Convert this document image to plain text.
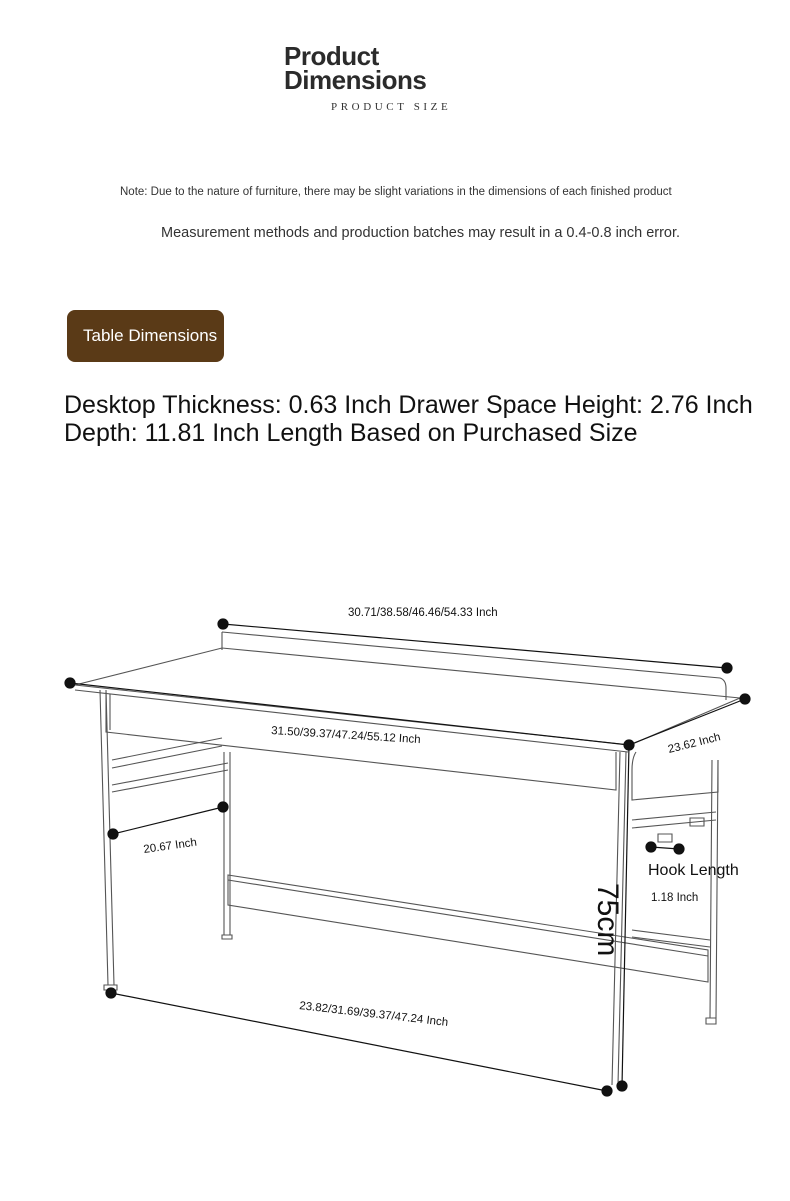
Product
Dimensions
PRODUCT SIZE
Note: Due to the nature of furniture, there may be slight variations in the dimensions of each finished product
Measurement methods and production batches may result in a 0.4-0.8 inch error.
Table Dimensions
Desktop Thickness: 0.63 Inch Drawer Space Height: 2.76 Inch Depth: 11.81 Inch Length Based on Purchased Size
30.71/38.58/46.46/54.33 Inch
31.50/39.37/47.24/55.12 Inch	23.62 Inch
20.67 Inch
23.82/31.69/39.37/47.24 Inch
75cm
Hook Length
1.18 Inch
